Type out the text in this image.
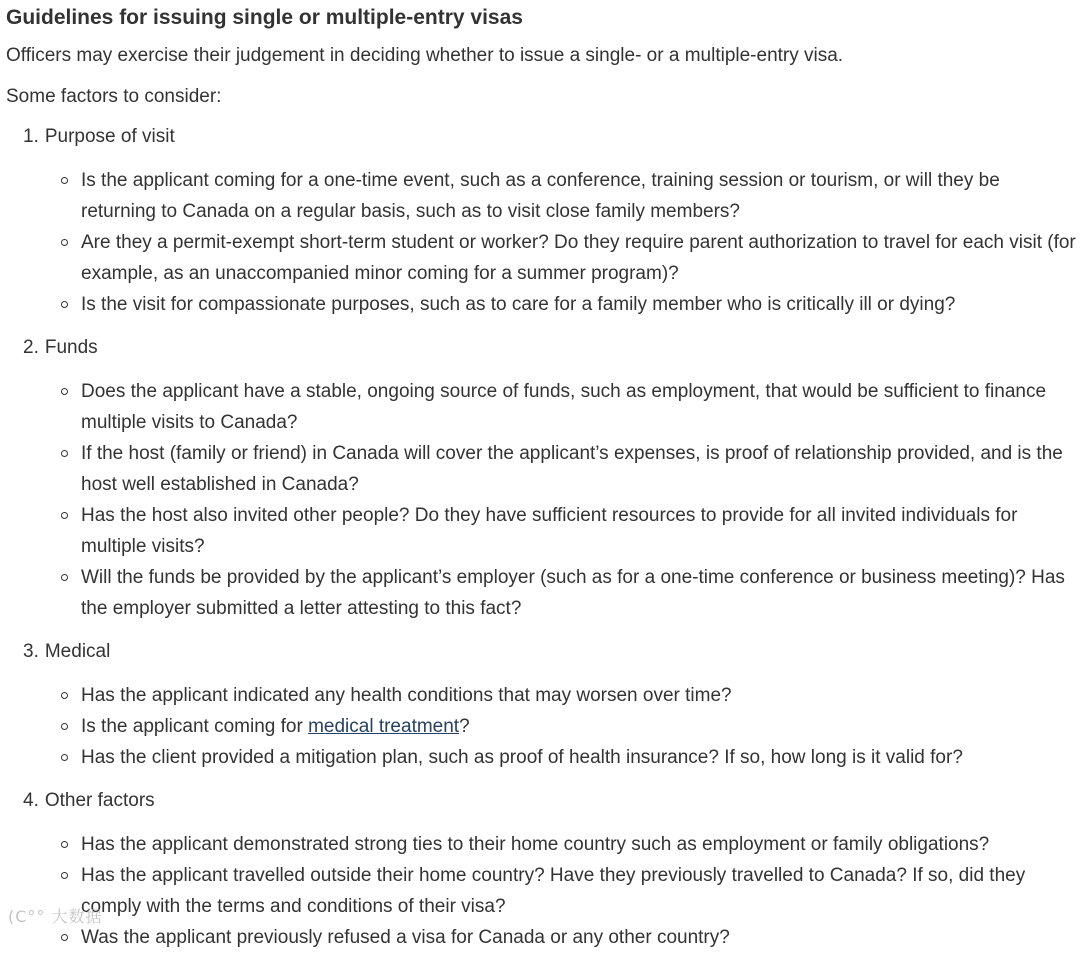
Guidelines for issuing single or multiple-entry visas

Officers may exercise their judgement in deciding whether to issue a single- or a multiple-entry visa.

Some factors to consider:

1. Purpose of visit
Is the applicant coming for a one-time event, such as a conference, training session or tourism, or will they be returning to Canada on a regular basis, such as to visit close family members?
Are they a permit-exempt short-term student or worker? Do they require parent authorization to travel for each visit (for example, as an unaccompanied minor coming for a summer program)?
Is the visit for compassionate purposes, such as to care for a family member who is critically ill or dying?
2. Funds
Does the applicant have a stable, ongoing source of funds, such as employment, that would be sufficient to finance multiple visits to Canada?
If the host (family or friend) in Canada will cover the applicant’s expenses, is proof of relationship provided, and is the host well established in Canada?
Has the host also invited other people? Do they have sufficient resources to provide for all invited individuals for multiple visits?
Will the funds be provided by the applicant’s employer (such as for a one-time conference or business meeting)? Has the employer submitted a letter attesting to this fact?
3. Medical
Has the applicant indicated any health conditions that may worsen over time?
Is the applicant coming for medical treatment?
Has the client provided a mitigation plan, such as proof of health insurance? If so, how long is it valid for?
4. Other factors
Has the applicant demonstrated strong ties to their home country such as employment or family obligations?
Has the applicant travelled outside their home country? Have they previously travelled to Canada? If so, did they comply with the terms and conditions of their visa?
Was the applicant previously refused a visa for Canada or any other country?
(C°° 大数据
